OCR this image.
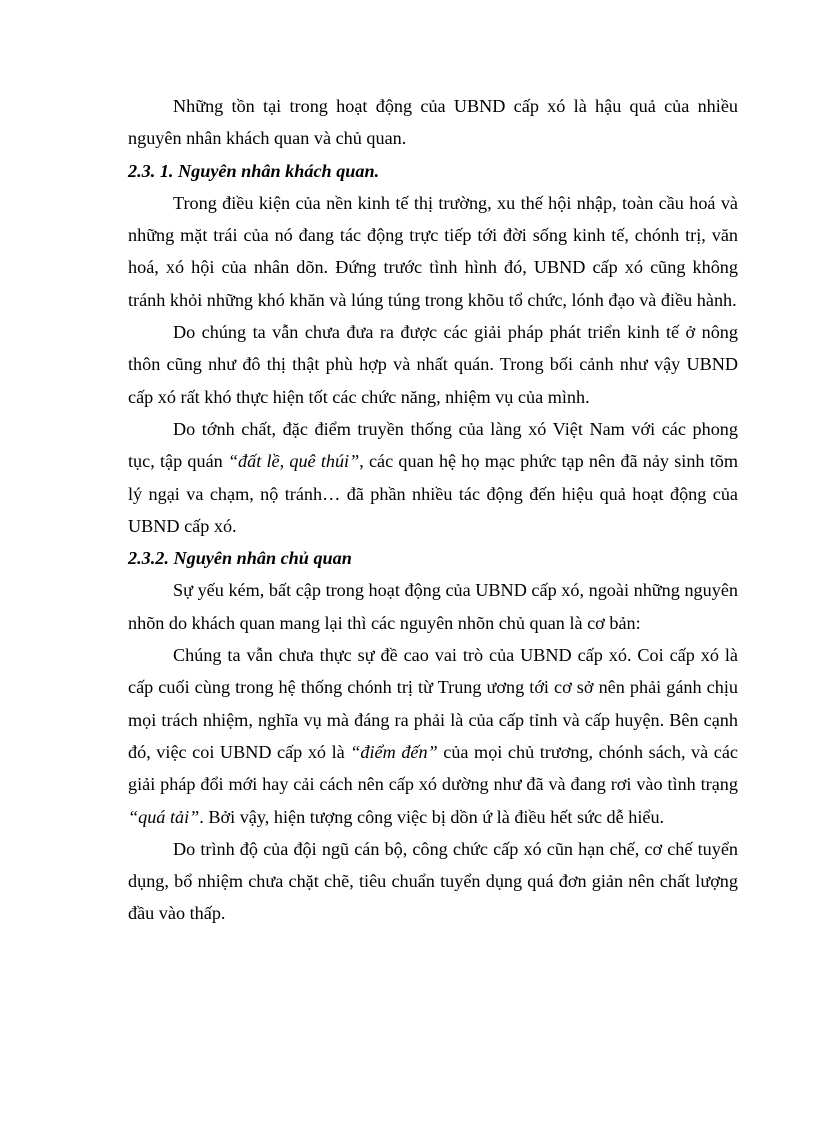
Những tồn tại trong hoạt động của UBND cấp xó là hậu quả của nhiều nguyên nhân khách quan và chủ quan.

2.3. 1. Nguyên nhân khách quan.

Trong điều kiện của nền kinh tế thị trường, xu thế hội nhập, toàn cầu hoá và những mặt trái của nó đang tác động trực tiếp tới đời sống kinh tế, chónh trị, văn hoá, xó hội của nhân dõn. Đứng trước tình hình đó, UBND cấp xó cũng không tránh khỏi những khó khăn và lúng túng trong khõu tổ chức, lónh đạo và điều hành.

Do chúng ta vẫn chưa đưa ra được các giải pháp phát triển kinh tế ở nông thôn cũng như đô thị thật phù hợp và nhất quán. Trong bối cảnh như vậy UBND cấp xó rất khó thực hiện tốt các chức năng, nhiệm vụ của mình.

Do tớnh chất, đặc điểm truyền thống của làng xó Việt Nam với các phong tục, tập quán “đất lề, quê thúi”, các quan hệ họ mạc phức tạp nên đã nảy sinh tõm lý ngại va chạm, nộ tránh… đã phần nhiều tác động đến hiệu quả hoạt động của UBND cấp xó.

2.3.2. Nguyên nhân chủ quan

Sự yếu kém, bất cập trong hoạt động của UBND cấp xó, ngoài những nguyên nhõn do khách quan mang lại thì các nguyên nhõn chủ quan là cơ bản:

Chúng ta vẫn chưa thực sự đề cao vai trò của UBND cấp xó. Coi cấp xó là cấp cuối cùng trong hệ thống chónh trị từ Trung ương tới cơ sở nên phải gánh chịu mọi trách nhiệm, nghĩa vụ mà đáng ra phải là của cấp tỉnh và cấp huyện. Bên cạnh đó, việc coi UBND cấp xó là “điểm đến” của mọi chủ trương, chónh sách, và các giải pháp đổi mới hay cải cách nên cấp xó dường như đã và đang rơi vào tình trạng “quá tải”. Bởi vậy, hiện tượng công việc bị dồn ứ là điều hết sức dễ hiểu.

Do trình độ của đội ngũ cán bộ, công chức cấp xó cũn hạn chế, cơ chế tuyển dụng, bổ nhiệm chưa chặt chẽ, tiêu chuẩn tuyển dụng quá đơn giản nên chất lượng đầu vào thấp.
